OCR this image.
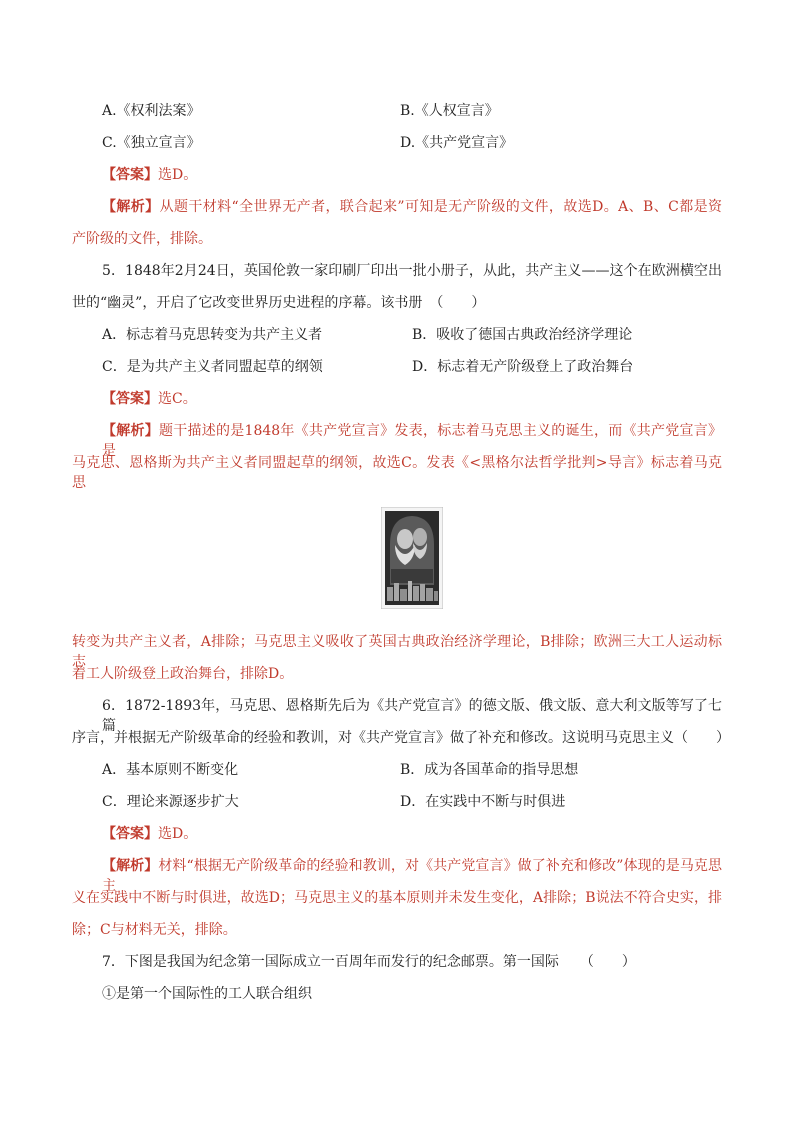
A.《权利法案》	B.《人权宣言》
C.《独立宣言》	D.《共产党宣言》
【答案】选D。
【解析】从题干材料“全世界无产者，联合起来”可知是无产阶级的文件，故选D。A、B、C都是资
产阶级的文件，排除。
5．1848年2月24日，英国伦敦一家印刷厂印出一批小册子，从此，共产主义——这个在欧洲横空出
世的“幽灵”，开启了它改变世界历史进程的序幕。该书册　（　　）
A．标志着马克思转变为共产主义者	B．吸收了德国古典政治经济学理论
C．是为共产主义者同盟起草的纲领	D．标志着无产阶级登上了政治舞台
【答案】选C。
【解析】题干描述的是1848年《共产党宣言》发表，标志着马克思主义的诞生，而《共产党宣言》是
马克思、恩格斯为共产主义者同盟起草的纲领，故选C。发表《<黑格尔法哲学批判>导言》标志着马克思
转变为共产主义者，A排除；马克思主义吸收了英国古典政治经济学理论，B排除；欧洲三大工人运动标志
着工人阶级登上政治舞台，排除D。
6．1872-1893年，马克思、恩格斯先后为《共产党宣言》的德文版、俄文版、意大利文版等写了七篇
序言，并根据无产阶级革命的经验和教训，对《共产党宣言》做了补充和修改。这说明马克思主义（　　）
A．基本原则不断变化	B．成为各国革命的指导思想
C．理论来源逐步扩大	D．在实践中不断与时俱进
【答案】选D。
【解析】材料“根据无产阶级革命的经验和教训，对《共产党宣言》做了补充和修改”体现的是马克思主
义在实践中不断与时俱进，故选D；马克思主义的基本原则并未发生变化，A排除；B说法不符合史实，排
除；C与材料无关，排除。
7．下图是我国为纪念第一国际成立一百周年而发行的纪念邮票。第一国际　　（　　）
①是第一个国际性的工人联合组织
